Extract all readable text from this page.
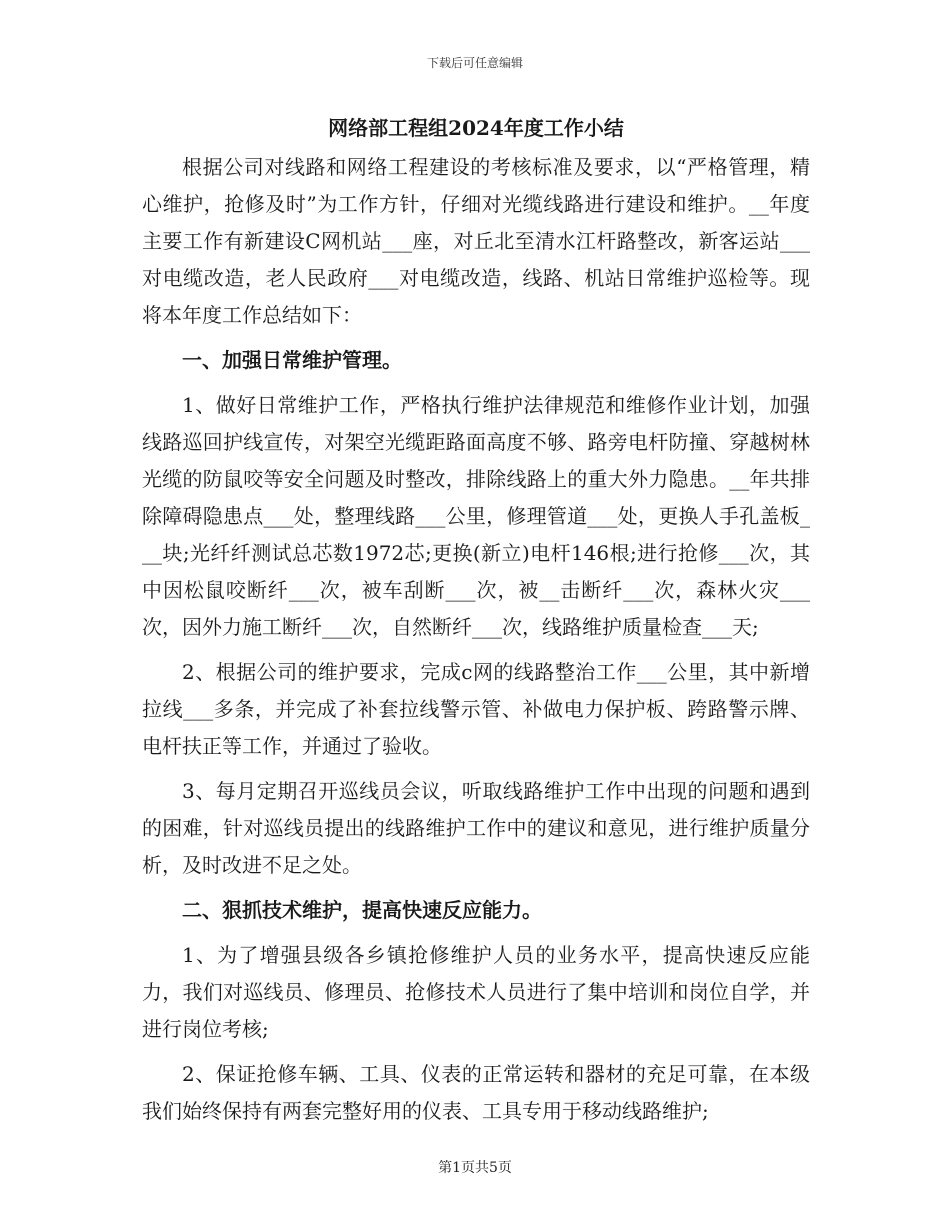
下载后可任意编辑
网络部工程组2024年度工作小结

根据公司对线路和网络工程建设的考核标准及要求，以“严格管理，精心维护，抢修及时”为工作方针，仔细对光缆线路进行建设和维护。__年度主要工作有新建设C网机站___座，对丘北至清水江杆路整改，新客运站___对电缆改造，老人民政府___对电缆改造，线路、机站日常维护巡检等。现将本年度工作总结如下：

一、加强日常维护管理。

1、做好日常维护工作，严格执行维护法律规范和维修作业计划，加强线路巡回护线宣传，对架空光缆距路面高度不够、路旁电杆防撞、穿越树林光缆的防鼠咬等安全问题及时整改，排除线路上的重大外力隐患。__年共排除障碍隐患点___处，整理线路___公里，修理管道___处，更换人手孔盖板___块;光纤纤测试总芯数1972芯;更换(新立)电杆146根;进行抢修___次，其中因松鼠咬断纤___次，被车刮断___次，被__击断纤___次，森林火灾___次，因外力施工断纤___次，自然断纤___次，线路维护质量检查___天;

2、根据公司的维护要求，完成c网的线路整治工作___公里，其中新增拉线___多条，并完成了补套拉线警示管、补做电力保护板、跨路警示牌、电杆扶正等工作，并通过了验收。

3、每月定期召开巡线员会议，听取线路维护工作中出现的问题和遇到的困难，针对巡线员提出的线路维护工作中的建议和意见，进行维护质量分析，及时改进不足之处。

二、狠抓技术维护，提高快速反应能力。

1、为了增强县级各乡镇抢修维护人员的业务水平，提高快速反应能力，我们对巡线员、修理员、抢修技术人员进行了集中培训和岗位自学，并进行岗位考核;

2、保证抢修车辆、工具、仪表的正常运转和器材的充足可靠，在本级我们始终保持有两套完整好用的仪表、工具专用于移动线路维护;

第1页共5页
